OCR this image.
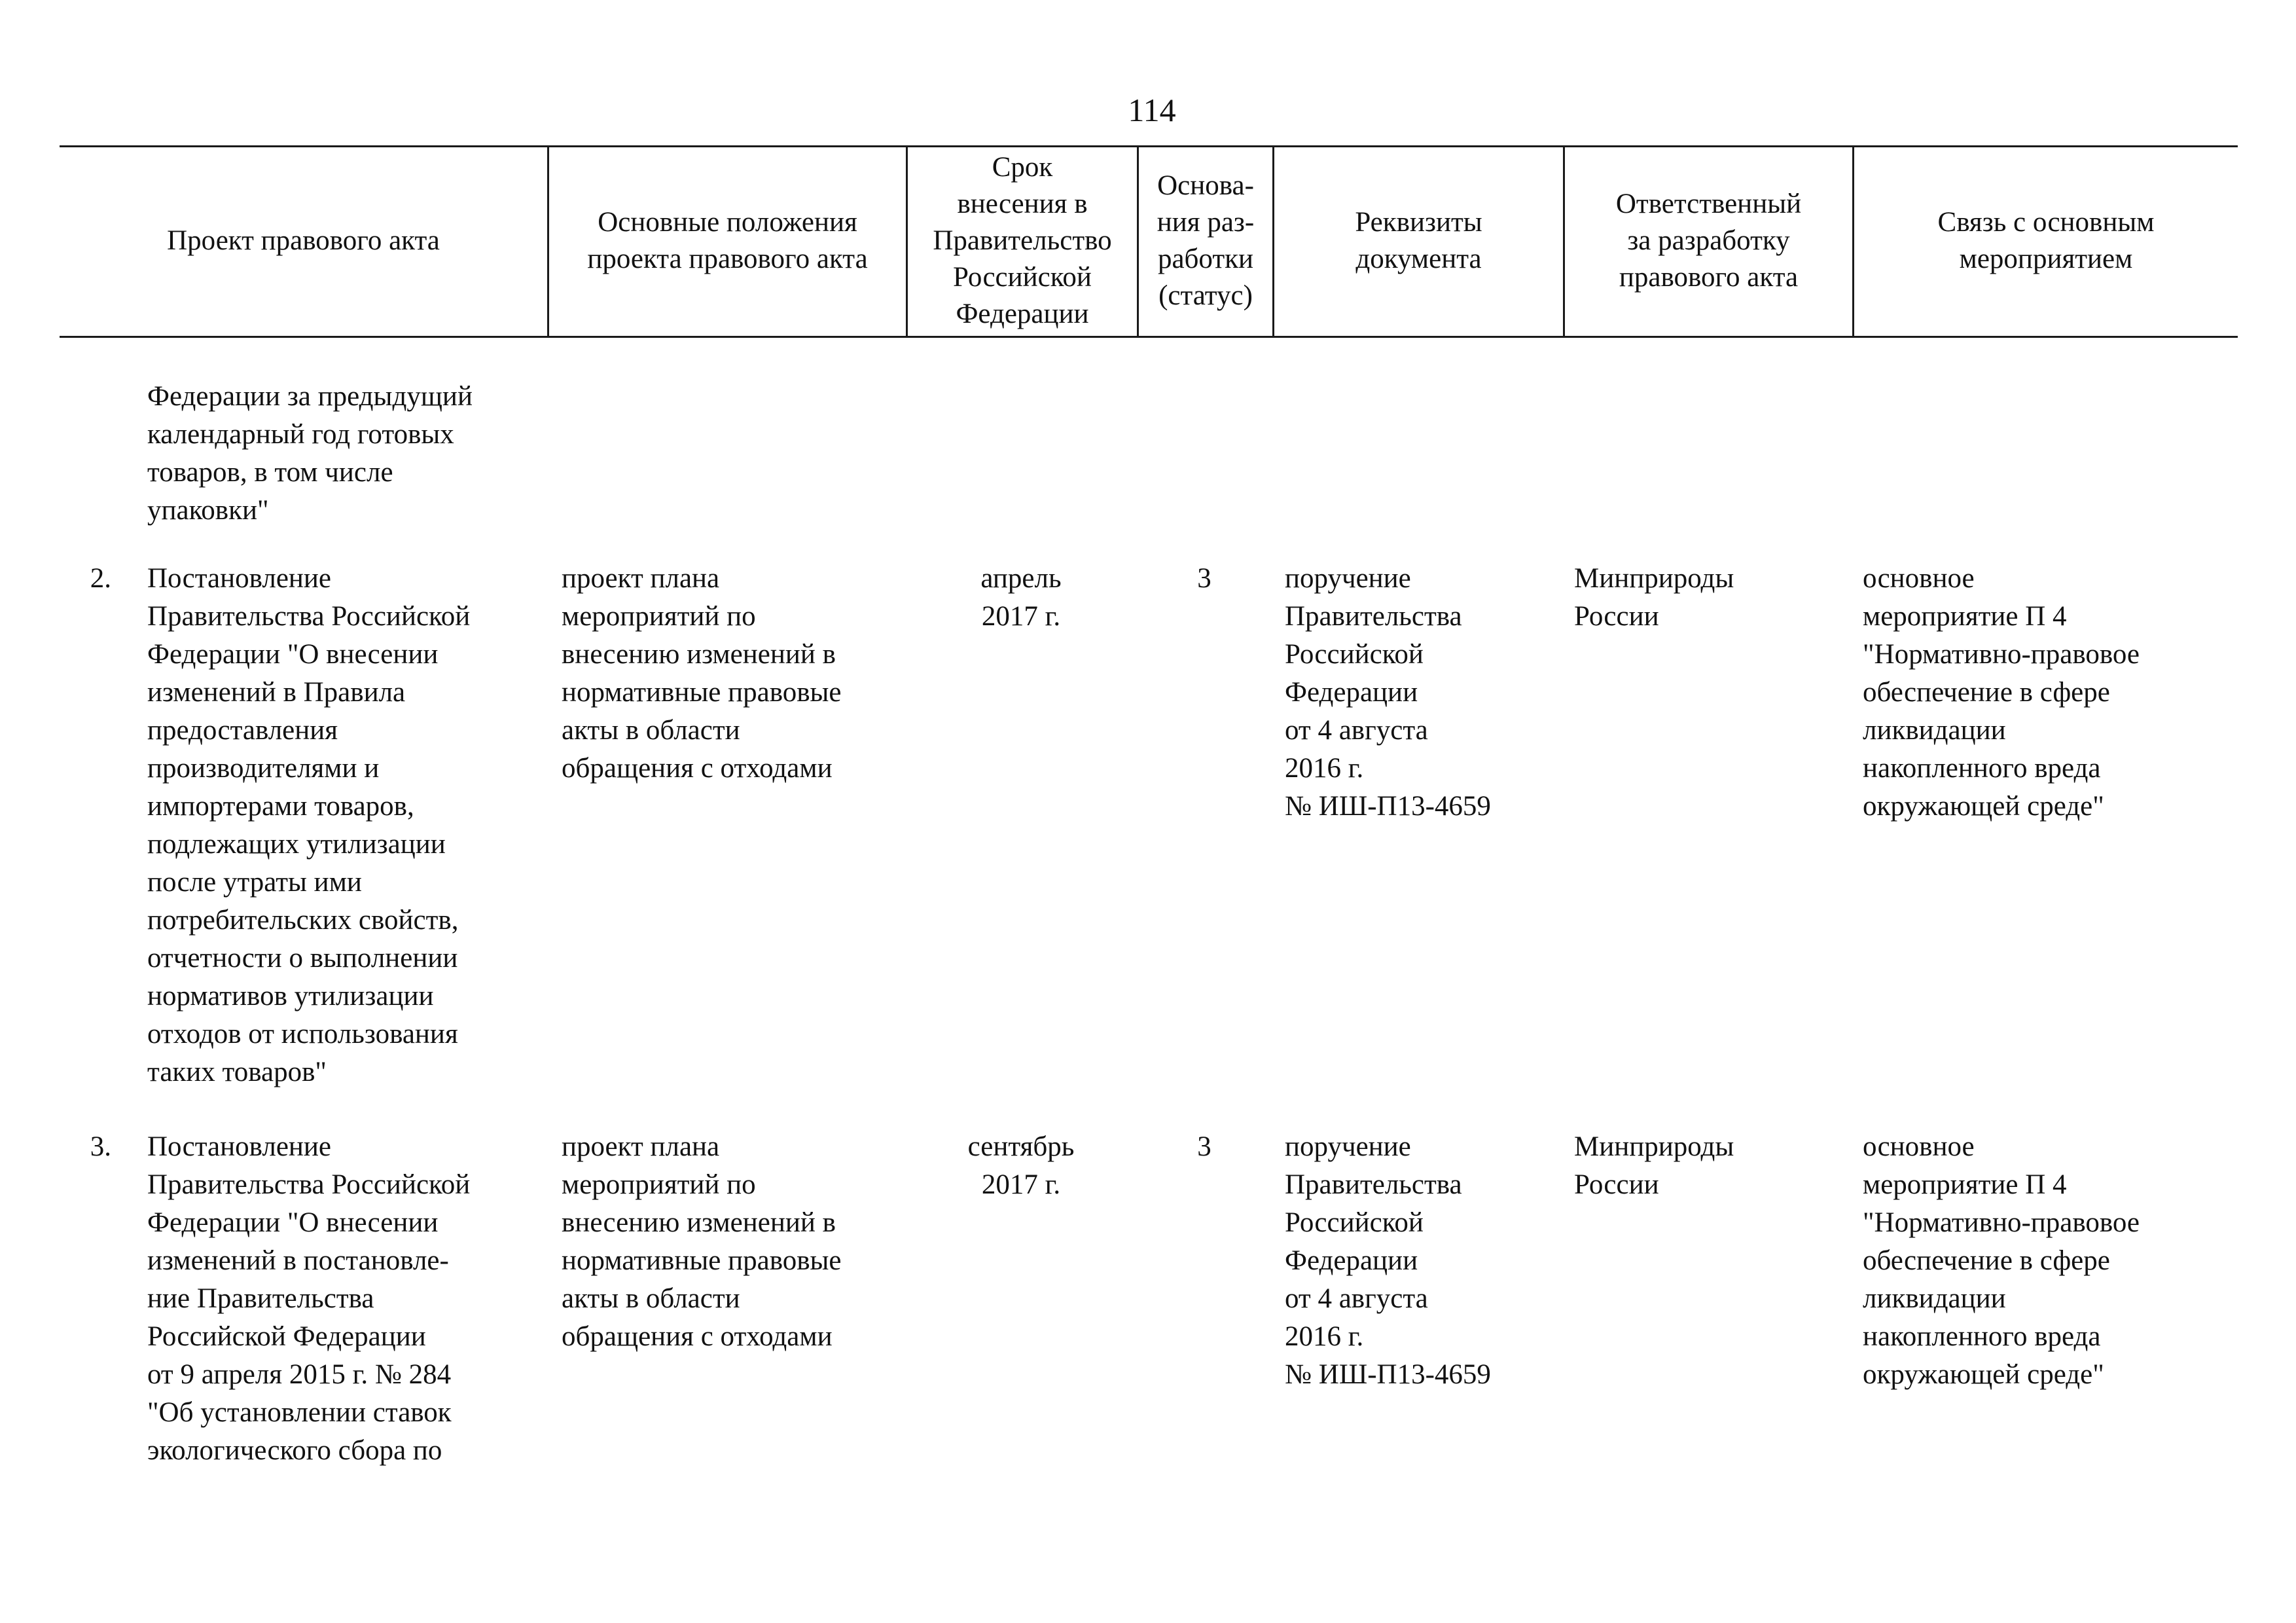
114
Проект правового акта
Основные положения
проекта правового акта
Срок
внесения в
Правительство
Российской
Федерации
Основа-
ния раз-
работки
(статус)
Реквизиты
документа
Ответственный
за разработку
правового акта
Связь с основным
мероприятием
Федерации за предыдущий
календарный год готовых
товаров, в том числе
упаковки"
2. Постановление
Правительства Российской
Федерации "О внесении
изменений в Правила
предоставления
производителями и
импортерами товаров,
подлежащих утилизации
после утраты ими
потребительских свойств,
отчетности о выполнении
нормативов утилизации
отходов от использования
таких товаров"
проект плана
мероприятий по
внесению изменений в
нормативные правовые
акты в области
обращения с отходами
апрель
2017 г.
3	поручение
Правительства
Российской
Федерации
от 4 августа
2016 г.
№ ИШ-П13-4659
Минприроды
России
основное
мероприятие П 4
"Нормативно-правовое
обеспечение в сфере
ликвидации
накопленного вреда
окружающей среде"
3. Постановление
Правительства Российской
Федерации "О внесении
изменений в постановле-
ние Правительства
Российской Федерации
от 9 апреля 2015 г. № 284
"Об установлении ставок
экологического сбора по
проект плана
мероприятий по
внесению изменений в
нормативные правовые
акты в области
обращения с отходами
сентябрь
2017 г.
3	поручение
Правительства
Российской
Федерации
от 4 августа
2016 г.
№ ИШ-П13-4659
Минприроды
России
основное
мероприятие П 4
"Нормативно-правовое
обеспечение в сфере
ликвидации
накопленного вреда
окружающей среде"
